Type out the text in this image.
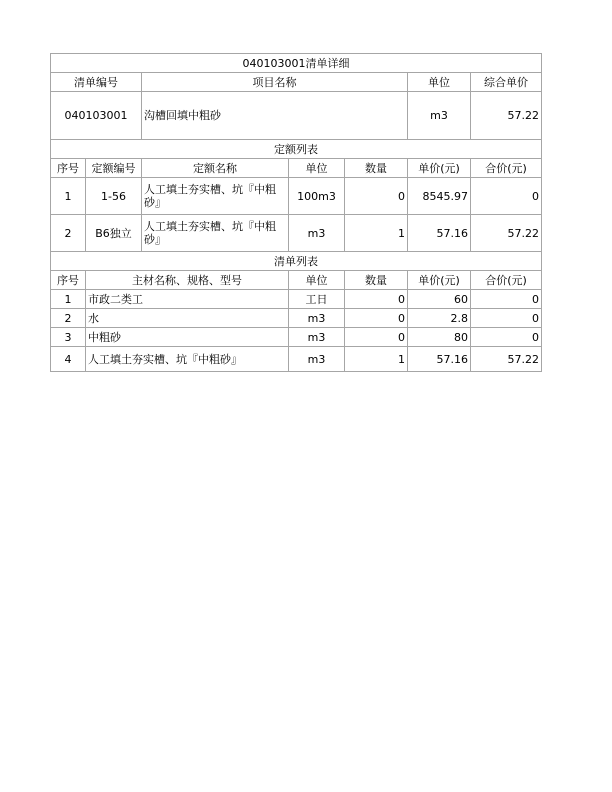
040103001清单详细						
清单编号		项目名称			单位	综合单价
040103001		沟槽回填中粗砂			m3	57.22
定额列表						
序号	定额编号	定额名称	单位	数量	单价(元)	合价(元)
1	1-56	人工填土夯实槽、坑『中粗砂』	100m3	0	8545.97	0
2	B6独立	人工填土夯实槽、坑『中粗砂』	m3	1	57.16	57.22
清单列表						
序号	主材名称、规格、型号		单位	数量	单价(元)	合价(元)
1	市政二类工		工日	0	60	0
2	水		m3	0	2.8	0
3	中粗砂		m3	0	80	0
4	人工填土夯实槽、坑『中粗砂』		m3	1	57.16	57.22
